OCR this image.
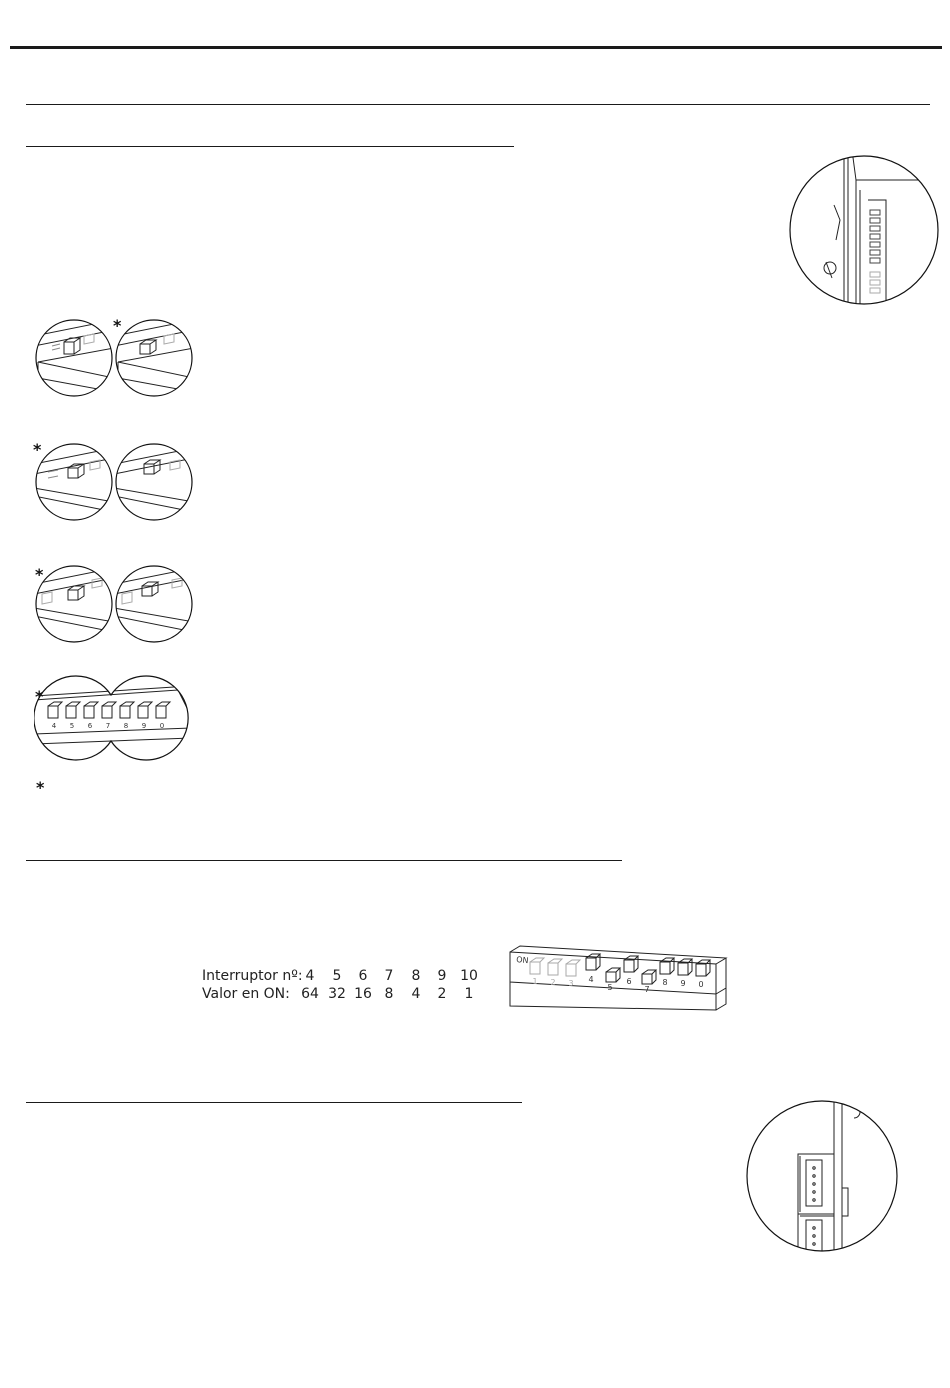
*
*
*
*
4 5 6 7 8 9 0
*
Interruptor nº: 4	5	6	7	8	9 10
Valor en ON: 64 32 16 8	4	2	1
ON
1 2 3 4
5
6
7
8 9 0
